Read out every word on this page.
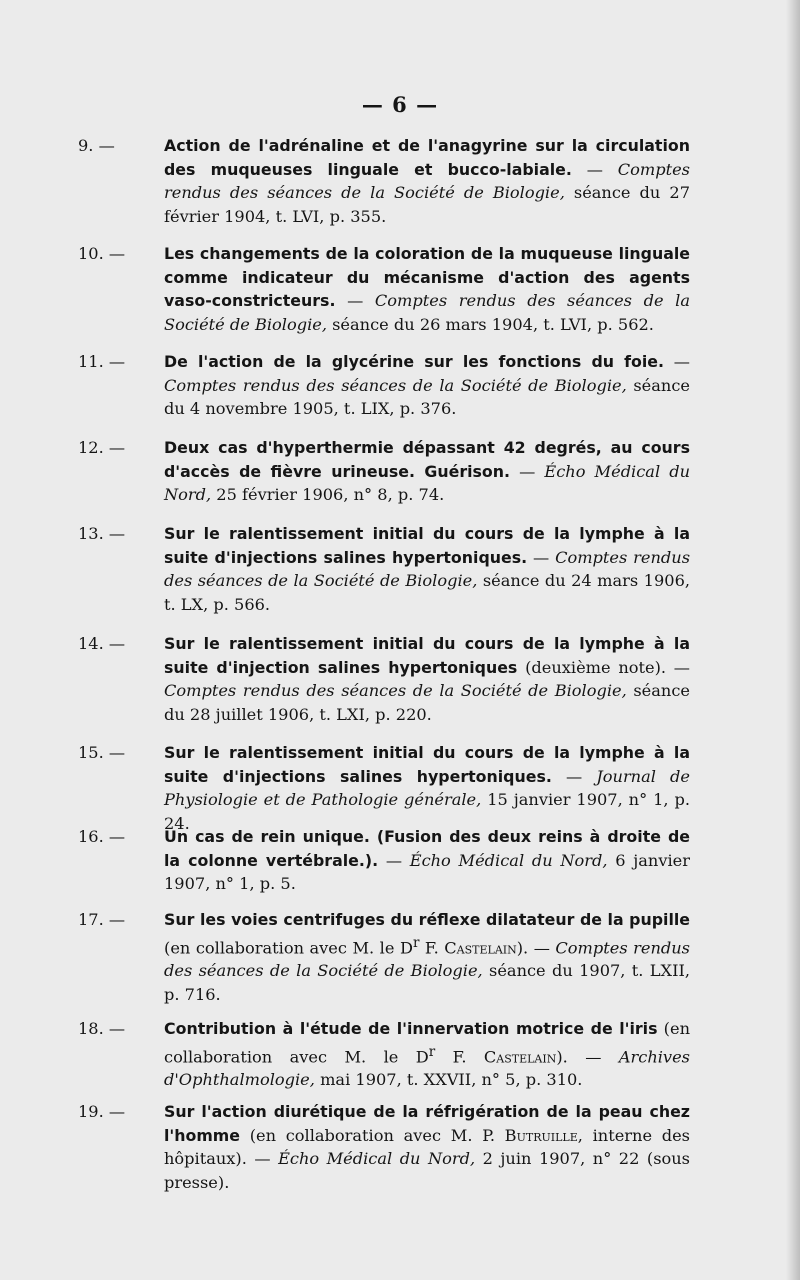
— 6 —
9. —	Action de l'adrénaline et de l'anagyrine sur la circulation des muqueuses linguale et bucco-labiale. — Comptes rendus des séances de la Société de Biologie, séance du 27 février 1904, t. LVI, p. 355.
10. — Les changements de la coloration de la muqueuse linguale comme indicateur du mécanisme d'action des agents vaso-constricteurs. — Comptes rendus des séances de la Société de Biologie, séance du 26 mars 1904, t. LVI, p. 562.
11. — De l'action de la glycérine sur les fonctions du foie. — Comptes rendus des séances de la Société de Biologie, séance du 4 novembre 1905, t. LIX, p. 376.
12. — Deux cas d'hyperthermie dépassant 42 degrés, au cours d'accès de fièvre urineuse. Guérison. — Écho Médical du Nord, 25 février 1906, n° 8, p. 74.
13. — Sur le ralentissement initial du cours de la lymphe à la suite d'injections salines hypertoniques. — Comptes rendus des séances de la Société de Biologie, séance du 24 mars 1906, t. LX, p. 566.
14. — Sur le ralentissement initial du cours de la lymphe à la suite d'injection salines hypertoniques (deuxième note). — Comptes rendus des séances de la Société de Biologie, séance du 28 juillet 1906, t. LXI, p. 220.
15. — Sur le ralentissement initial du cours de la lymphe à la suite d'injections salines hypertoniques. — Journal de Physiologie et de Pathologie générale, 15 janvier 1907, n° 1, p. 24.
16. — Un cas de rein unique. (Fusion des deux reins à droite de la colonne vertébrale.). — Écho Médical du Nord, 6 janvier 1907, n° 1, p. 5.
17. — Sur les voies centrifuges du réflexe dilatateur de la pupille (en collaboration avec M. le $D^r$ F. Castelain). — Comptes rendus des séances de la Société de Biologie, séance du 1907, t. LXII, p. 716.
18. — Contribution à l'étude de l'innervation motrice de l'iris (en collaboration avec M. le $D^r$ F. Castelain). — Archives d'Ophthalmologie, mai 1907, t. XXVII, n° 5, p. 310.
19. — Sur l'action diurétique de la réfrigération de la peau chez l'homme (en collaboration avec M. P. Butruille, interne des hôpitaux). — Écho Médical du Nord, 2 juin 1907, n° 22 (sous presse).
